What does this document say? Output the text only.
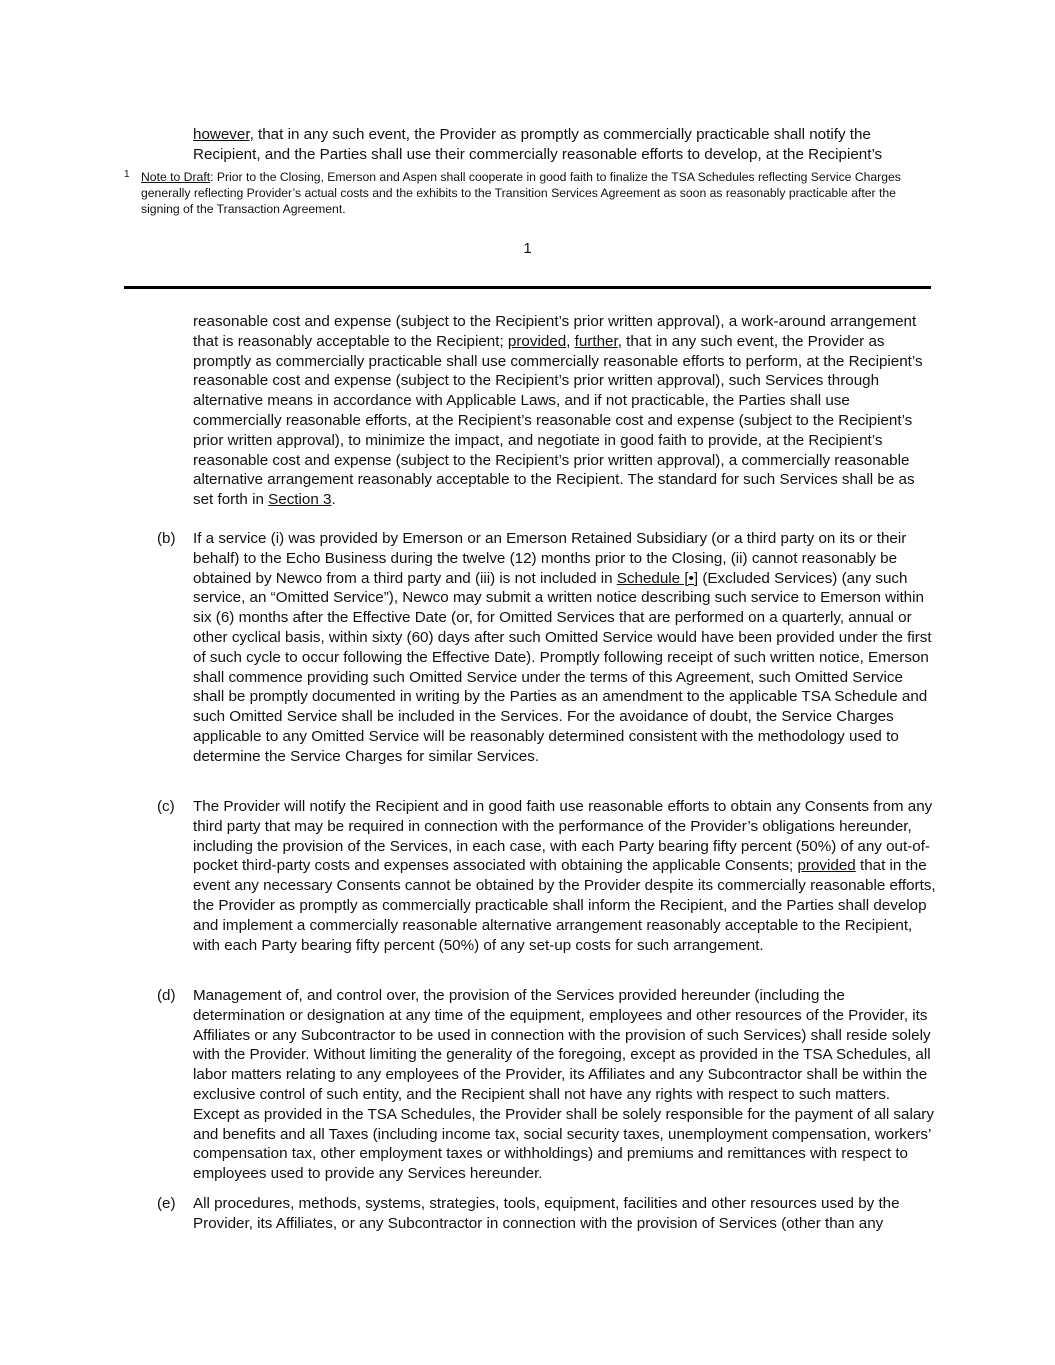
however, that in any such event, the Provider as promptly as commercially practicable shall notify the Recipient, and the Parties shall use their commercially reasonable efforts to develop, at the Recipient’s
1 Note to Draft: Prior to the Closing, Emerson and Aspen shall cooperate in good faith to finalize the TSA Schedules reflecting Service Charges generally reflecting Provider’s actual costs and the exhibits to the Transition Services Agreement as soon as reasonably practicable after the signing of the Transaction Agreement.
1
reasonable cost and expense (subject to the Recipient’s prior written approval), a work-around arrangement that is reasonably acceptable to the Recipient; provided, further, that in any such event, the Provider as promptly as commercially practicable shall use commercially reasonable efforts to perform, at the Recipient’s reasonable cost and expense (subject to the Recipient’s prior written approval), such Services through alternative means in accordance with Applicable Laws, and if not practicable, the Parties shall use commercially reasonable efforts, at the Recipient’s reasonable cost and expense (subject to the Recipient’s prior written approval), to minimize the impact, and negotiate in good faith to provide, at the Recipient’s reasonable cost and expense (subject to the Recipient’s prior written approval), a commercially reasonable alternative arrangement reasonably acceptable to the Recipient. The standard for such Services shall be as set forth in Section 3.
(b) If a service (i) was provided by Emerson or an Emerson Retained Subsidiary (or a third party on its or their behalf) to the Echo Business during the twelve (12) months prior to the Closing, (ii) cannot reasonably be obtained by Newco from a third party and (iii) is not included in Schedule [•] (Excluded Services) (any such service, an “Omitted Service”), Newco may submit a written notice describing such service to Emerson within six (6) months after the Effective Date (or, for Omitted Services that are performed on a quarterly, annual or other cyclical basis, within sixty (60) days after such Omitted Service would have been provided under the first of such cycle to occur following the Effective Date). Promptly following receipt of such written notice, Emerson shall commence providing such Omitted Service under the terms of this Agreement, such Omitted Service shall be promptly documented in writing by the Parties as an amendment to the applicable TSA Schedule and such Omitted Service shall be included in the Services. For the avoidance of doubt, the Service Charges applicable to any Omitted Service will be reasonably determined consistent with the methodology used to determine the Service Charges for similar Services.
(c) The Provider will notify the Recipient and in good faith use reasonable efforts to obtain any Consents from any third party that may be required in connection with the performance of the Provider’s obligations hereunder, including the provision of the Services, in each case, with each Party bearing fifty percent (50%) of any out-of-pocket third-party costs and expenses associated with obtaining the applicable Consents; provided that in the event any necessary Consents cannot be obtained by the Provider despite its commercially reasonable efforts, the Provider as promptly as commercially practicable shall inform the Recipient, and the Parties shall develop and implement a commercially reasonable alternative arrangement reasonably acceptable to the Recipient, with each Party bearing fifty percent (50%) of any set-up costs for such arrangement.
(d) Management of, and control over, the provision of the Services provided hereunder (including the determination or designation at any time of the equipment, employees and other resources of the Provider, its Affiliates or any Subcontractor to be used in connection with the provision of such Services) shall reside solely with the Provider. Without limiting the generality of the foregoing, except as provided in the TSA Schedules, all labor matters relating to any employees of the Provider, its Affiliates and any Subcontractor shall be within the exclusive control of such entity, and the Recipient shall not have any rights with respect to such matters. Except as provided in the TSA Schedules, the Provider shall be solely responsible for the payment of all salary and benefits and all Taxes (including income tax, social security taxes, unemployment compensation, workers’ compensation tax, other employment taxes or withholdings) and premiums and remittances with respect to employees used to provide any Services hereunder.
(e) All procedures, methods, systems, strategies, tools, equipment, facilities and other resources used by the Provider, its Affiliates, or any Subcontractor in connection with the provision of Services (other than any
